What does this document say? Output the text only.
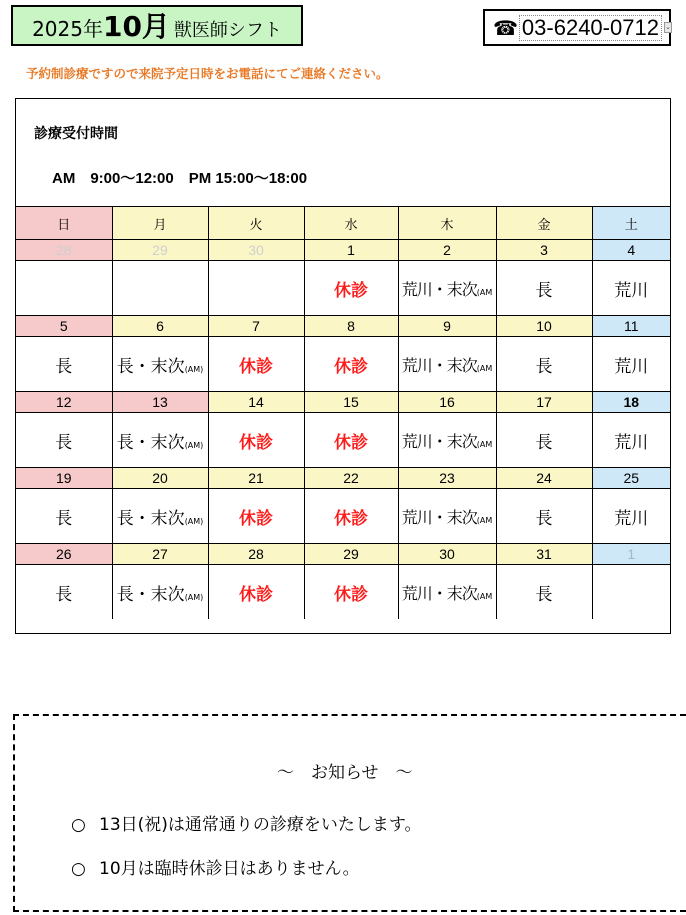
2025年 10月 獣医師シフト	☎ 03-6240-0712 ⌄
予約制診療ですので来院予定日時をお電話にてご連絡ください。
診療受付時間
AM　9:00〜12:00　PM 15:00〜18:00
日	月	火	水	木	金	土
28	29	30	1	2	3	4
			休診	荒川・末次(AM	長	荒川
5	6	7	8	9	10	11
長	長・末次(AM)	休診	休診	荒川・末次(AM	長	荒川
12	13	14	15	16	17	18
長	長・末次(AM)	休診	休診	荒川・末次(AM	長	荒川
19	20	21	22	23	24	25
長	長・末次(AM)	休診	休診	荒川・末次(AM	長	荒川
26	27	28	29	30	31	1
長	長・末次(AM)	休診	休診	荒川・末次(AM	長	
〜　お知らせ　〜
○ 13日(祝)は通常通りの診療をいたします。
○ 10月は臨時休診日はありません。
